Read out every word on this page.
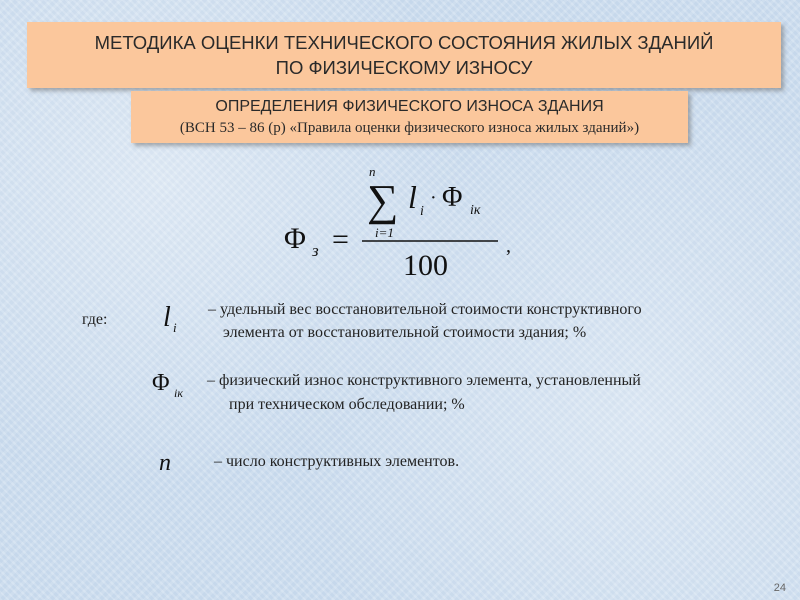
МЕТОДИКА ОЦЕНКИ ТЕХНИЧЕСКОГО СОСТОЯНИЯ ЖИЛЫХ ЗДАНИЙ
ПО ФИЗИЧЕСКОМУ ИЗНОСУ
ОПРЕДЕЛЕНИЯ ФИЗИЧЕСКОГО ИЗНОСА ЗДАНИЯ
(ВСН 53 – 86 (р) «Правила оценки физического износа жилых зданий»)
Φ з =
n
∑
i=1
l i
· Φ iк
100
,
где: l i
– удельный вес восстановительной стоимости конструктивного
элемента от восстановительной стоимости здания; %
Φ iк
– физический износ конструктивного элемента, установленный
при техническом обследовании; %
n	– число конструктивных элементов.
24
